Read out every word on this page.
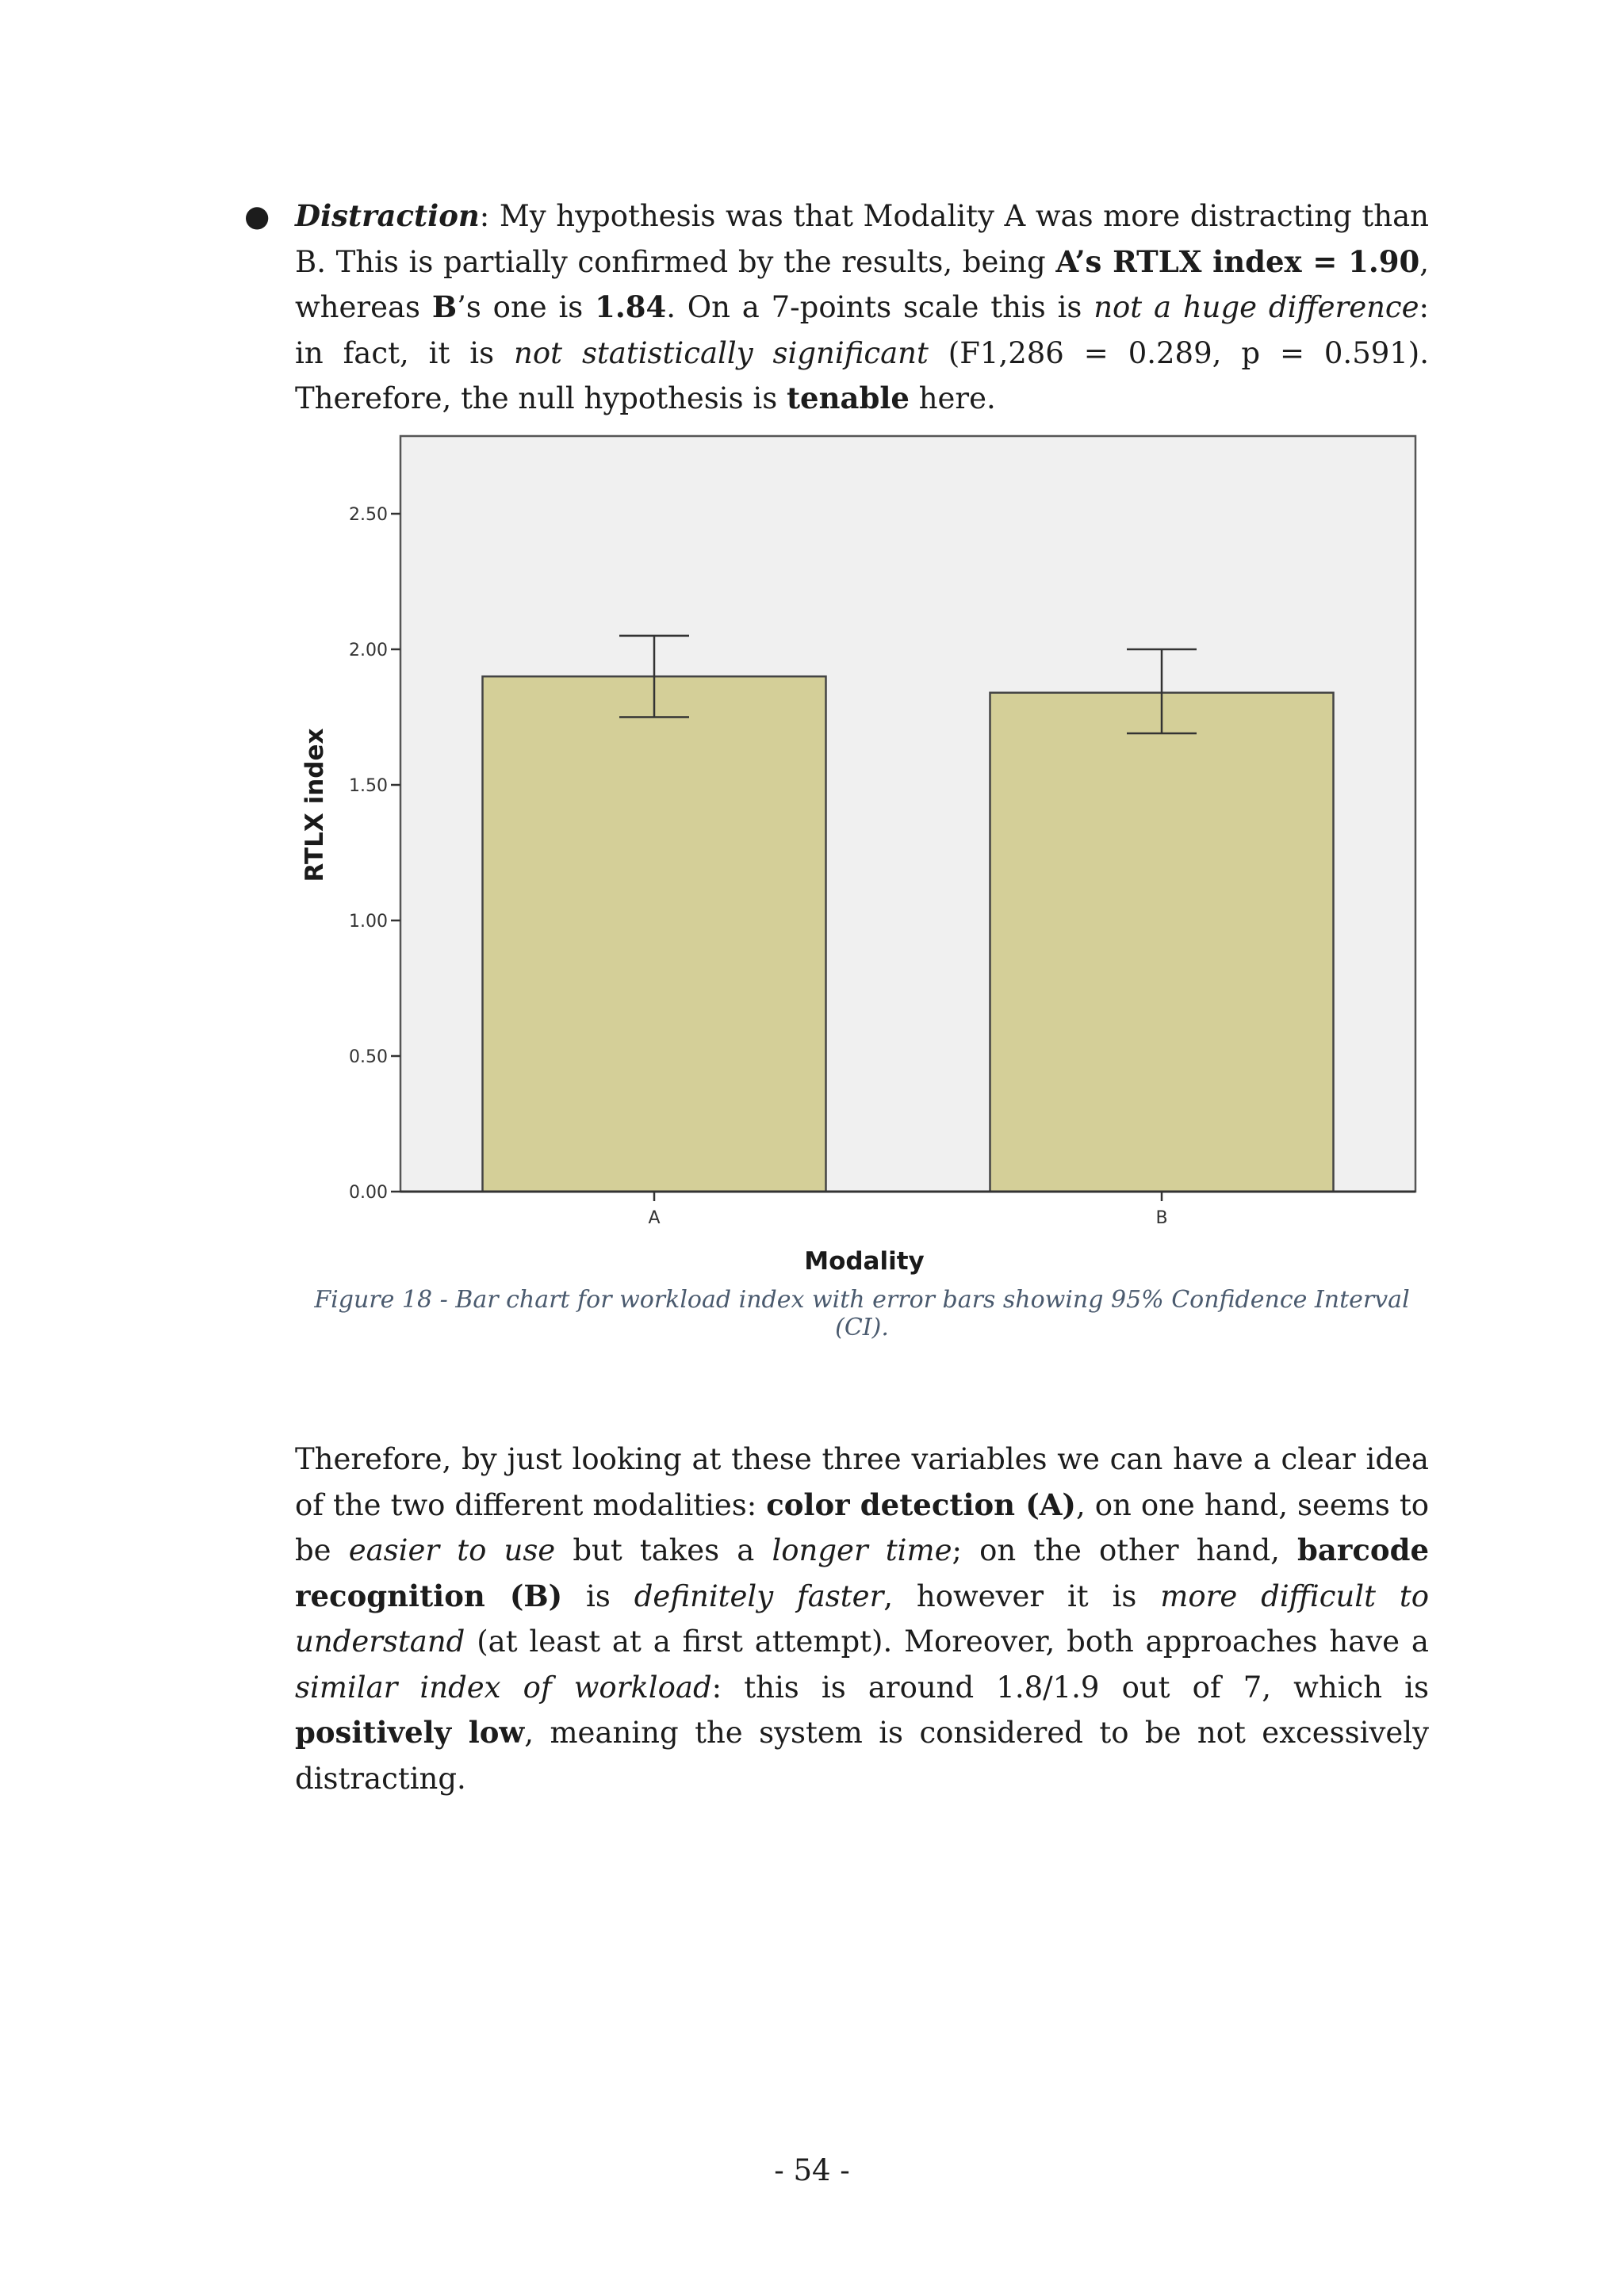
● Distraction: My hypothesis was that Modality A was more distracting than B. This is partially confirmed by the results, being A’s RTLX index = 1.90, whereas B’s one is 1.84. On a 7-points scale this is not a huge difference: in fact, it is not statistically significant (F1,286 = 0.289, p = 0.591). Therefore, the null hypothesis is tenable here.

0.00
0.50
1.00
1.50
2.00
2.50
A	B
Modality
RTLX index
Figure 18 - Bar chart for workload index with error bars showing 95% Confidence Interval (CI).

Therefore, by just looking at these three variables we can have a clear idea of the two different modalities: color detection (A), on one hand, seems to be easier to use but takes a longer time; on the other hand, barcode recognition (B) is definitely faster, however it is more difficult to understand (at least at a first attempt). Moreover, both approaches have a similar index of workload: this is around 1.8/1.9 out of 7, which is positively low, meaning the system is considered to be not excessively distracting.

- 54 -
